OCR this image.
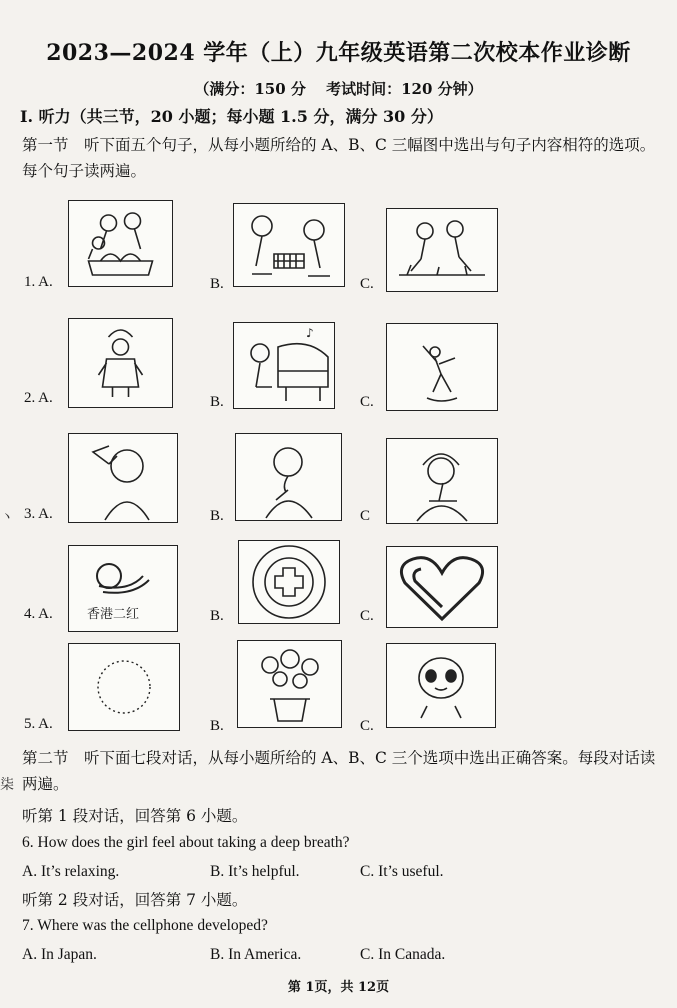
2023—2024 学年（上）九年级英语第二次校本作业诊断
（满分：150 分　 考试时间：120 分钟）
Ⅰ. 听力（共三节，20 小题；每小题 1.5 分，满分 30 分）
第一节　听下面五个句子，从每小题所给的 A、B、C 三幅图中选出与句子内容相符的选项。每个句子读两遍。
ヽ
柒
1. A.	B.	C.
2. A.	B.
♪
C.
3. A.	B.	C
4. A.	香港二红	B.	C.
5. A.	B.	C.
第二节　听下面七段对话，从每小题所给的 A、B、C 三个选项中选出正确答案。每段对话读两遍。
听第 1 段对话，回答第 6 小题。
6. How does the girl feel about taking a deep breath?
A. It’s relaxing.	B. It’s helpful.	C. It’s useful.
听第 2 段对话，回答第 7 小题。
7. Where was the cellphone developed?
A. In Japan.	B. In America.	C. In Canada.
第 1页，共 12页
